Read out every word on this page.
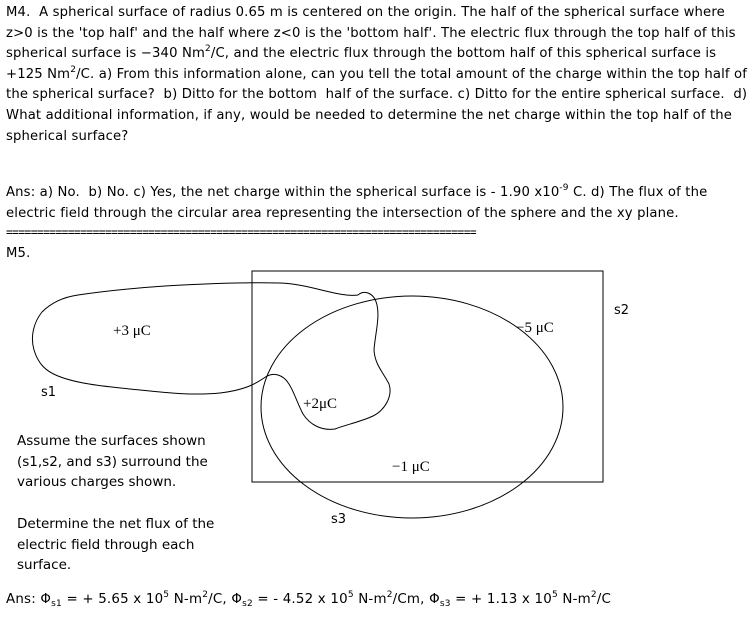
M4.  A spherical surface of radius 0.65 m is centered on the origin. The half of the spherical surface where z>0 is the 'top half' and the half where z<0 is the 'bottom half'. The electric flux through the top half of this spherical surface is −340 Nm$^2$/C, and the electric flux through the bottom half of this spherical surface is +125 Nm$^2$/C. a) From this information alone, can you tell the total amount of the charge within the top half of the spherical surface?  b) Ditto for the bottom  half of the surface. c) Ditto for the entire spherical surface.  d) What additional information, if any, would be needed to determine the net charge within the top half of the spherical surface?
Ans: a) No.  b) No. c) Yes, the net charge within the spherical surface is - 1.90 $x10^{-9}$ C. d) The flux of the electric field through the circular area representing the intersection of the sphere and the xy plane.
============================================================================
M5.
+3 μC
+2μC
−5 μC
−1 μC
s2
s1
s3
Assume the surfaces shown (s1,s2, and s3) surround the various charges shown.
Determine the net flux of the electric field through each surface.
Ans: $\Phi_{s1}$ = + 5.65 x $10^5$ $N-m^2/C$, $\Phi_{s2}$ = - 4.52 x $10^5$ $N-m^2/Cm$, $\Phi_{s3}$ = + 1.13 x $10^5$ $N-m^2/C$
